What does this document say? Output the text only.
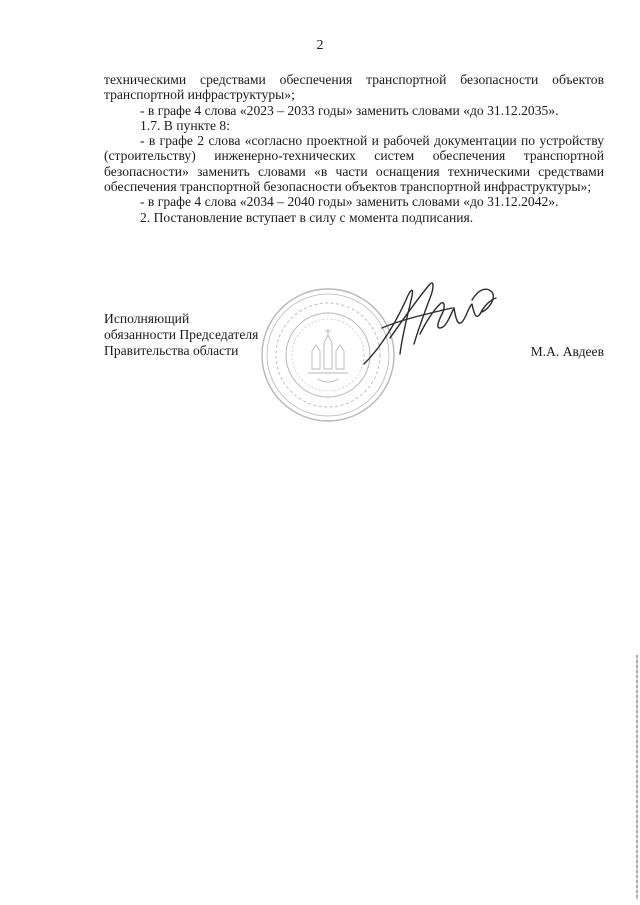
2

техническими средствами обеспечения транспортной безопасности объектов транспортной инфраструктуры»;

- в графе 4 слова «2023 – 2033 годы» заменить словами «до 31.12.2035».

1.7. В пункте 8:

- в графе 2 слова «согласно проектной и рабочей документации по устройству (строительству) инженерно-технических систем обеспечения транспортной безопасности» заменить словами «в части оснащения техническими средствами обеспечения транспортной безопасности объектов транспортной инфраструктуры»;

- в графе 4 слова «2034 – 2040 годы» заменить словами «до 31.12.2042».

2. Постановление вступает в силу с момента подписания.

Исполняющий
обязанности Председателя
Правительства области	М.А. Авдеев
